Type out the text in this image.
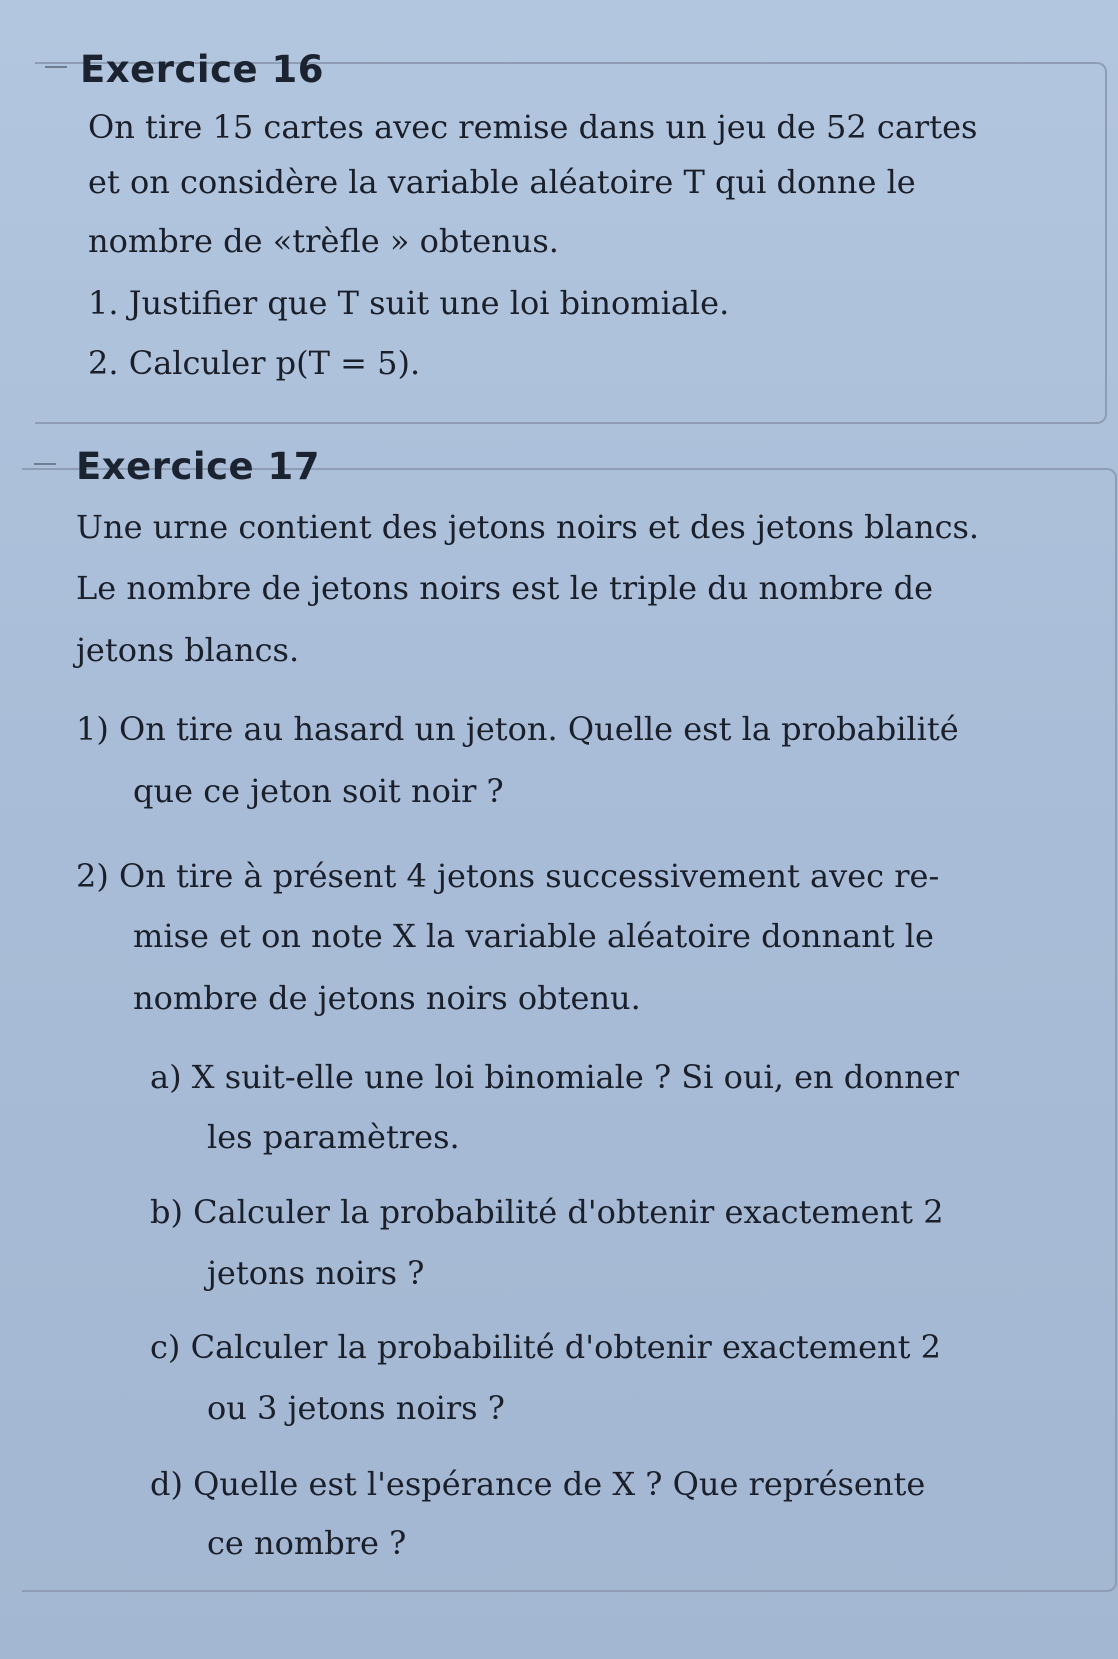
Exercice 16
On tire 15 cartes avec remise dans un jeu de 52 cartes
et on considère la variable aléatoire T qui donne le
nombre de «trèfle » obtenus.
1. Justifier que T suit une loi binomiale.
2. Calculer p(T = 5).
Exercice 17
Une urne contient des jetons noirs et des jetons blancs.
Le nombre de jetons noirs est le triple du nombre de
jetons blancs.
1) On tire au hasard un jeton. Quelle est la probabilité
que ce jeton soit noir ?
2) On tire à présent 4 jetons successivement avec re-
mise et on note X la variable aléatoire donnant le
nombre de jetons noirs obtenu.
a) X suit-elle une loi binomiale ? Si oui, en donner
les paramètres.
b) Calculer la probabilité d'obtenir exactement 2
jetons noirs ?
c) Calculer la probabilité d'obtenir exactement 2
ou 3 jetons noirs ?
d) Quelle est l'espérance de X ? Que représente
ce nombre ?
